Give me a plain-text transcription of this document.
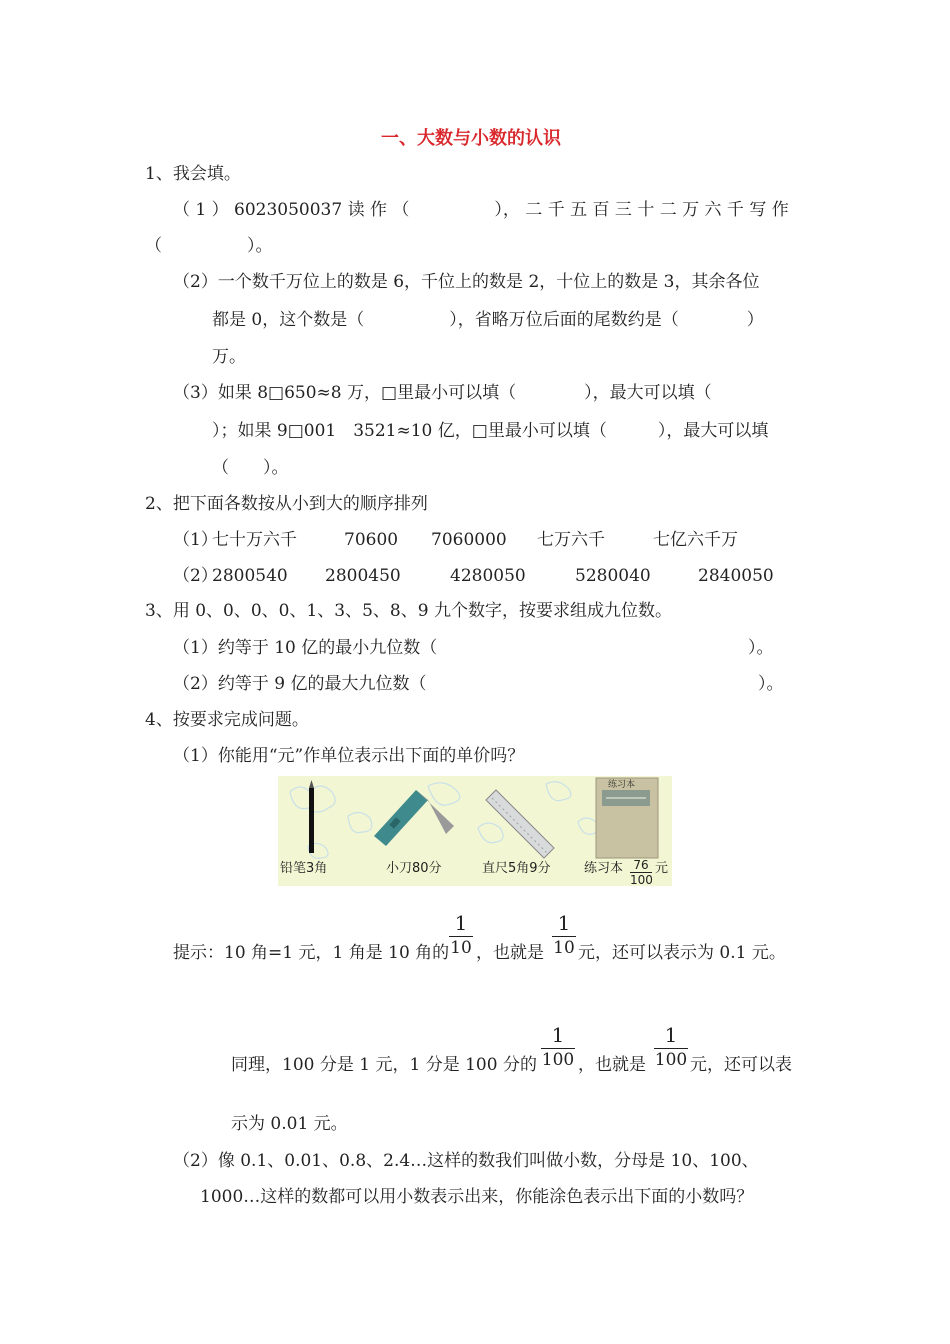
一、大数与小数的认识
1、我会填。
（ 1 ） 6023050037 读 作 （　　　　　）， 二 千 五 百 三 十 二 万 六 千 写 作
（　　　　　）。
（2）一个数千万位上的数是 6，千位上的数是 2，十位上的数是 3，其余各位
都是 0，这个数是（　　　　　），省略万位后面的尾数约是（　　　　）
万。
（3）如果 8□650≈8 万，□里最小可以填（　　　　），最大可以填（
）；如果 9□001　3521≈10 亿，□里最小可以填（　　　），最大可以填
（　　）。
2、把下面各数按从小到大的顺序排列
（1）
七十万六千	70600 7060000 七万六千	七亿六千万
（2）
2800540 2800450	4280050	5280040	2840050
3、用 0、0、0、0、1、3、5、8、9 九个数字，按要求组成九位数。
（1）约等于 10 亿的最小九位数（	）。
（2）约等于 9 亿的最大九位数（	）。
4、按要求完成问题。
（1）你能用“元”作单位表示出下面的单价吗？
练习本
铅笔3角	小刀80分	直尺5角9分	练习本 $\frac{76}{100}$ 元
提示：10 角=1 元，1 角是 10 角的 $\frac{1}{10}$ ，也就是 $\frac{1}{10}$ 元，还可以表示为 0.1 元。
同理，100 分是 1 元，1 分是 100 分的 $\frac{1}{100}$ ，也就是 $\frac{1}{100}$ 元，还可以表
示为 0.01 元。
（2）像 0.1、0.01、0.8、2.4…这样的数我们叫做小数，分母是 10、100、
1000…这样的数都可以用小数表示出来，你能涂色表示出下面的小数吗？
